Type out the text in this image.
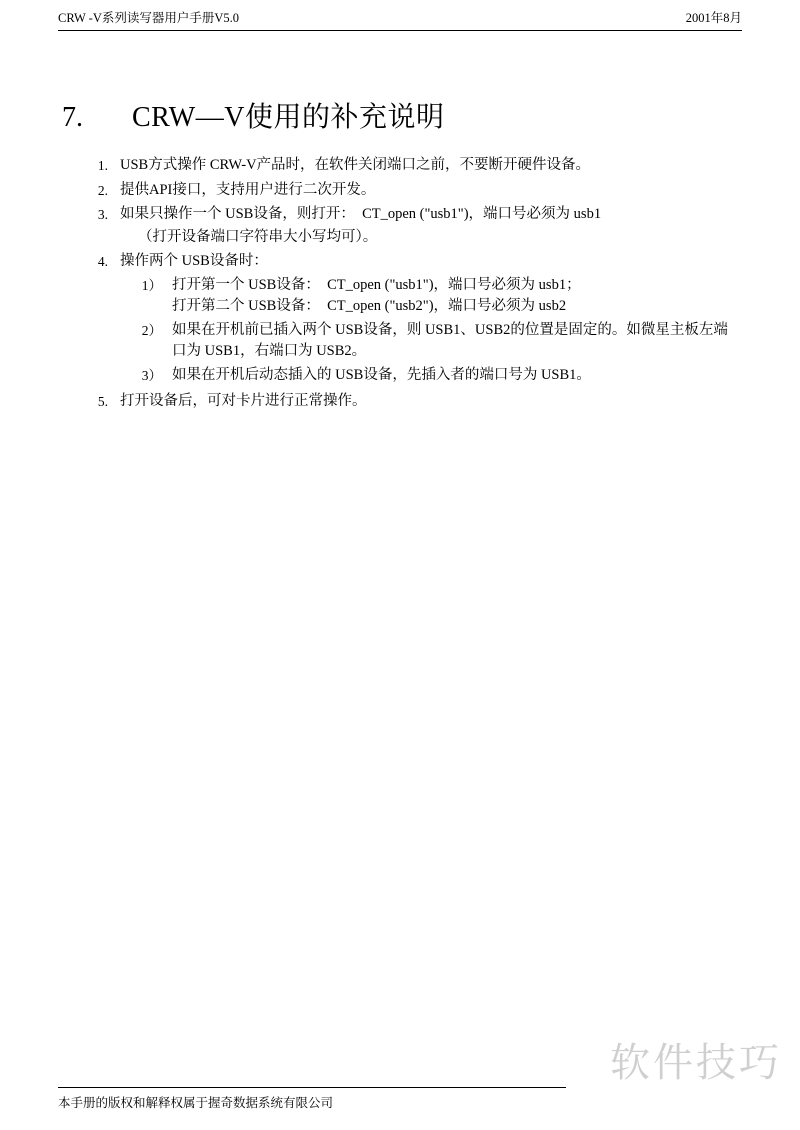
CRW -V系列读写器用户手册V5.0	2001年8月
7.	CRW—V使用的补充说明
1. USB方式操作 CRW-V产品时，在软件关闭端口之前，不要断开硬件设备。
2. 提供API接口，支持用户进行二次开发。
3. 如果只操作一个 USB设备，则打开：　CT_open ("usb1")，端口号必须为 usb1
（打开设备端口字符串大小写均可）。
4. 操作两个 USB设备时：
1） 打开第一个 USB设备：　CT_open ("usb1")，端口号必须为 usb1；
打开第二个 USB设备：　CT_open ("usb2")，端口号必须为 usb2
2） 如果在开机前已插入两个 USB设备，则 USB1、USB2的位置是固定的。如微星主板左端
口为 USB1，右端口为 USB2。
3） 如果在开机后动态插入的 USB设备，先插入者的端口号为 USB1。
5. 打开设备后，可对卡片进行正常操作。
软件技巧
本手册的版权和解释权属于握奇数据系统有限公司
